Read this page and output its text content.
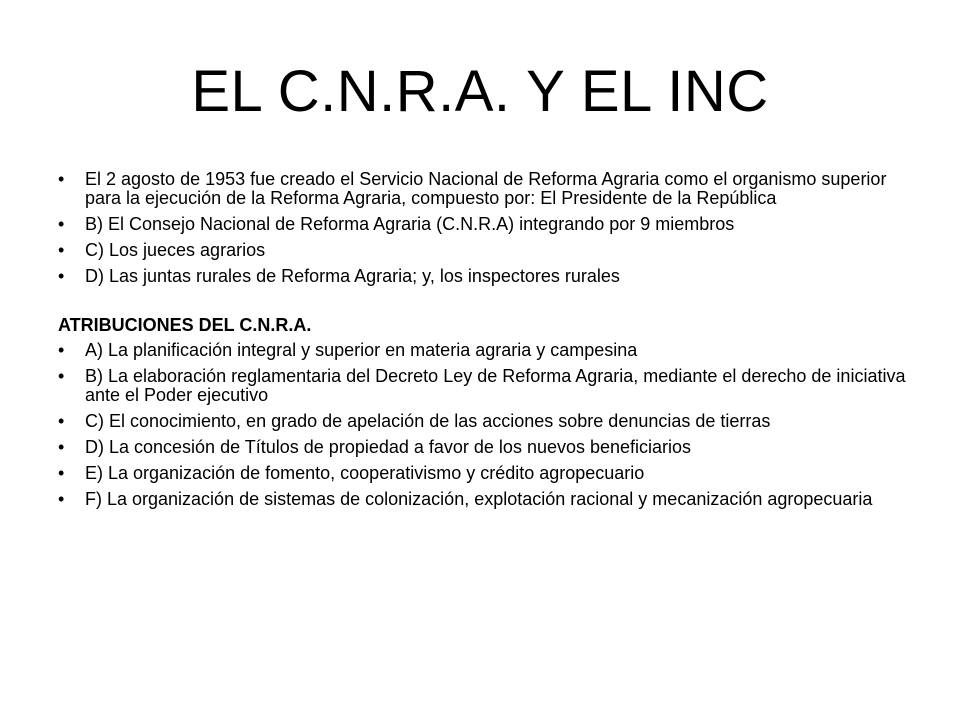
EL C.N.R.A. Y EL INC
•	El 2 agosto de 1953 fue creado el Servicio Nacional de Reforma Agraria como el organismo superior para la ejecución de la Reforma Agraria, compuesto por: El Presidente de la República
•	B) El Consejo Nacional de Reforma Agraria (C.N.R.A) integrando por 9 miembros
•	C) Los jueces agrarios
•	D) Las juntas rurales de Reforma Agraria; y, los inspectores rurales

ATRIBUCIONES DEL C.N.R.A.

•	A) La planificación integral y superior en materia agraria y campesina
•	B) La elaboración reglamentaria del Decreto Ley de Reforma Agraria, mediante el derecho de iniciativa ante el Poder ejecutivo
•	C) El conocimiento, en grado de apelación de las acciones sobre denuncias de tierras
•	D) La concesión de Títulos de propiedad a favor de los nuevos beneficiarios
•	E) La organización de fomento, cooperativismo y crédito agropecuario
•	F) La organización de sistemas de colonización, explotación racional y mecanización agropecuaria
